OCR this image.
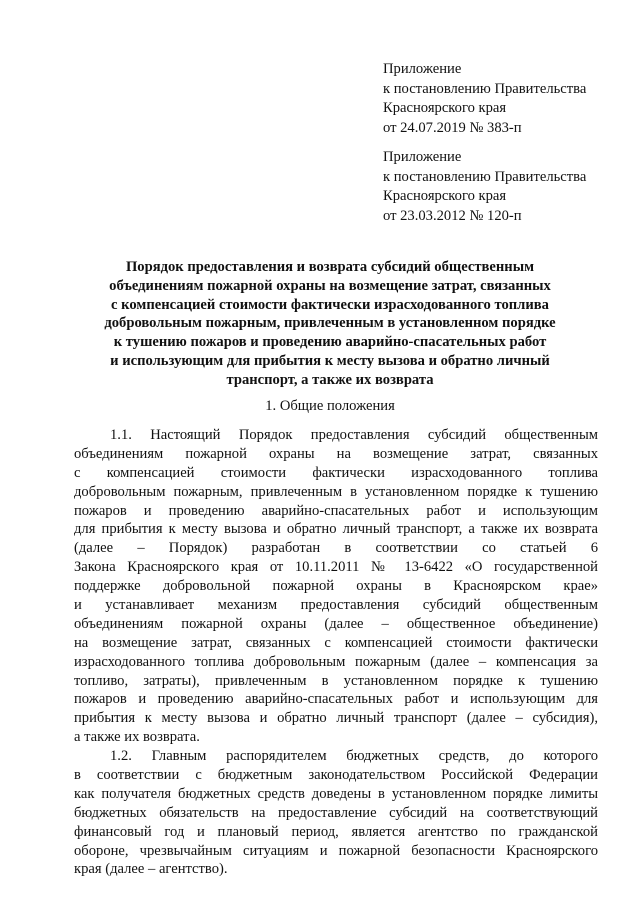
Приложение
к постановлению Правительства
Красноярского края
от 24.07.2019 № 383-п
Приложение
к постановлению Правительства
Красноярского края
от 23.03.2012 № 120-п
Порядок предоставления и возврата субсидий общественным
объединениям пожарной охраны на возмещение затрат, связанных
с компенсацией стоимости фактически израсходованного топлива
добровольным пожарным, привлеченным в установленном порядке
к тушению пожаров и проведению аварийно-спасательных работ
и использующим для прибытия к месту вызова и обратно личный
транспорт, а также их возврата
1. Общие положения
1.1. Настоящий Порядок предоставления субсидий общественным
объединениям пожарной охраны на возмещение затрат, связанных
с компенсацией стоимости фактически израсходованного топлива
добровольным пожарным, привлеченным в установленном порядке к тушению
пожаров и проведению аварийно-спасательных работ и использующим
для прибытия к месту вызова и обратно личный транспорт, а также их возврата
(далее – Порядок) разработан в соответствии со статьей 6
Закона Красноярского края от 10.11.2011 № 13-6422 «О государственной
поддержке добровольной пожарной охраны в Красноярском крае»
и устанавливает механизм предоставления субсидий общественным
объединениям пожарной охраны (далее – общественное объединение)
на возмещение затрат, связанных с компенсацией стоимости фактически
израсходованного топлива добровольным пожарным (далее – компенсация за
топливо, затраты), привлеченным в установленном порядке к тушению
пожаров и проведению аварийно-спасательных работ и использующим для
прибытия к месту вызова и обратно личный транспорт (далее – субсидия),
а также их возврата.
1.2. Главным распорядителем бюджетных средств, до которого
в соответствии с бюджетным законодательством Российской Федерации
как получателя бюджетных средств доведены в установленном порядке лимиты
бюджетных обязательств на предоставление субсидий на соответствующий
финансовый год и плановый период, является агентство по гражданской
обороне, чрезвычайным ситуациям и пожарной безопасности Красноярского
края (далее – агентство).
